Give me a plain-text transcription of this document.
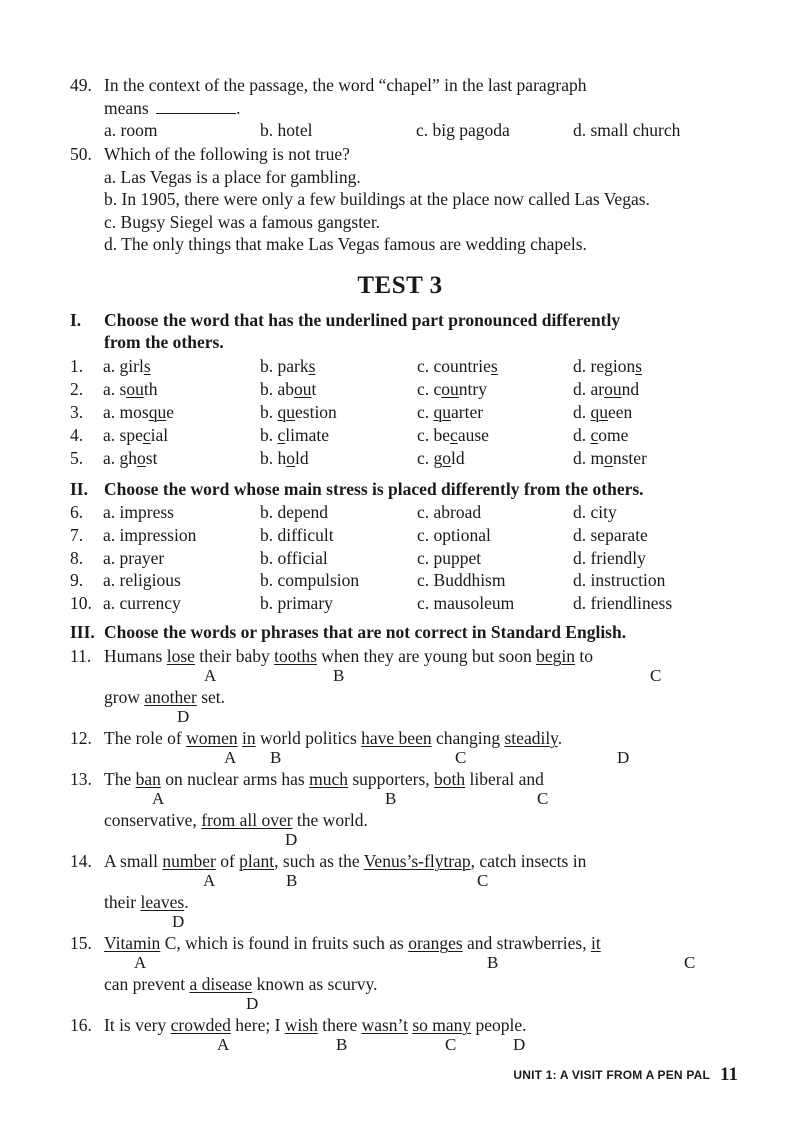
49. In the context of the passage, the word “chapel” in the last paragraph
means	.
a. room	b. hotel	c. big pagoda	d. small church
50. Which of the following is not true?
a. Las Vegas is a place for gambling.
b. In 1905, there were only a few buildings at the place now called Las Vegas.
c. Bugsy Siegel was a famous gangster.
d. The only things that make Las Vegas famous are wedding chapels.
TEST 3
I. Choose the word that has the underlined part pronounced differently
from the others.
1. a. girls	b. parks	c. countries	d. regions
2. a. south	b. about	c. country	d. around
3. a. mosque	b. question	c. quarter	d. queen
4. a. special	b. climate	c. because	d. come
5. a. ghost	b. hold	c. gold	d. monster
II. Choose the word whose main stress is placed differently from the others.
6. a. impress	b. depend	c. abroad	d. city
7. a. impression	b. difficult	c. optional	d. separate
8. a. prayer	b. official	c. puppet	d. friendly
9. a. religious	b. compulsion	c. Buddhism	d. instruction
10. a. currency	b. primary	c. mausoleum	d. friendliness
III. Choose the words or phrases that are not correct in Standard English.
11. Humans lose their baby tooths when they are young but soon begin to
A	B	C
grow another set.
D
12. The role of women in world politics have been changing steadily.
A B	C	D
13. The ban on nuclear arms has much supporters, both liberal and
A	B	C
conservative, from all over the world.
D
14. A small number of plant, such as the Venus’s-flytrap, catch insects in
A	B	C
their leaves.
D
15. Vitamin C, which is found in fruits such as oranges and strawberries, it
A	B	C
can prevent a disease known as scurvy.
D
16. It is very crowded here; I wish there wasn’t so many people.
A	B	C	D
UNIT 1: A VISIT FROM A PEN PAL 11
